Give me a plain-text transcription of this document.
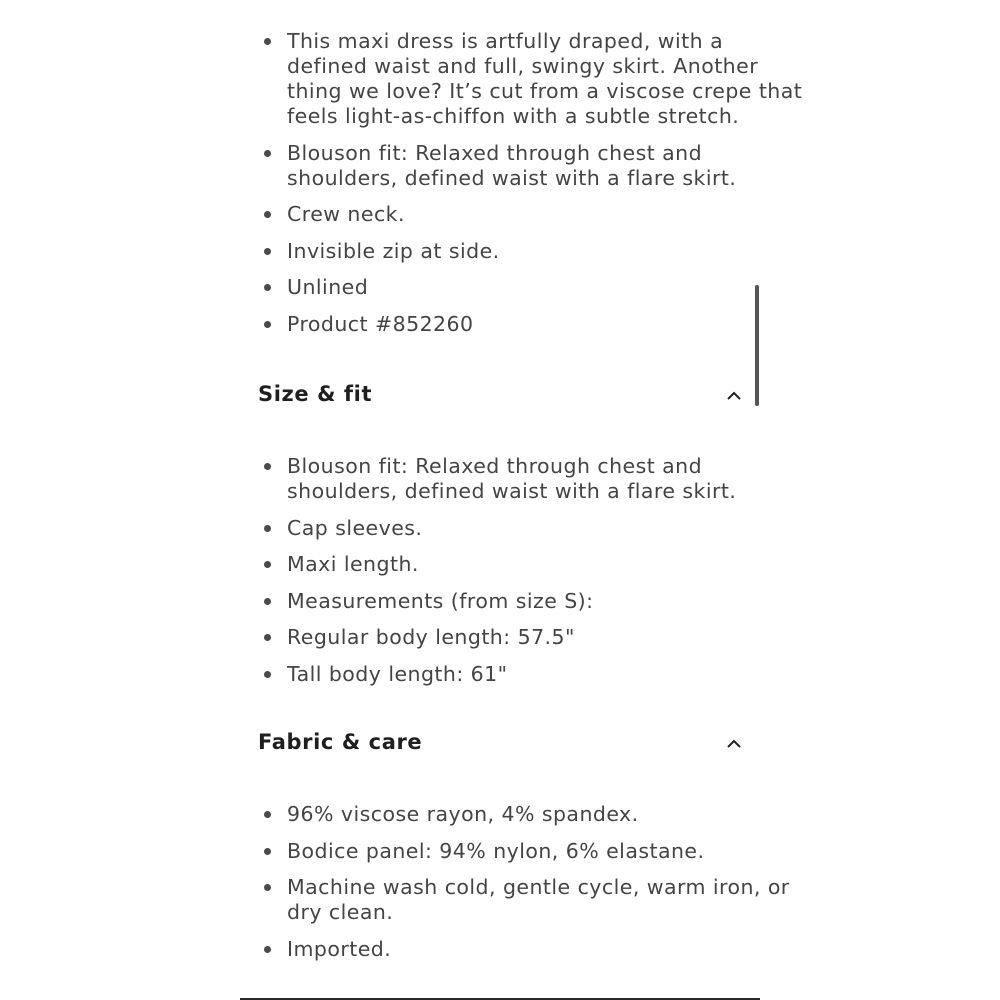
This maxi dress is artfully draped, with a
defined waist and full, swingy skirt. Another
thing we love? It’s cut from a viscose crepe that
feels light-as-chiffon with a subtle stretch.
Blouson fit: Relaxed through chest and
shoulders, defined waist with a flare skirt.
Crew neck.
Invisible zip at side.
Unlined
Product #852260
Size & fit
Blouson fit: Relaxed through chest and
shoulders, defined waist with a flare skirt.
Cap sleeves.
Maxi length.
Measurements (from size S):
Regular body length: 57.5"
Tall body length: 61"
Fabric & care
96% viscose rayon, 4% spandex.
Bodice panel: 94% nylon, 6% elastane.
Machine wash cold, gentle cycle, warm iron, or
dry clean.
Imported.
